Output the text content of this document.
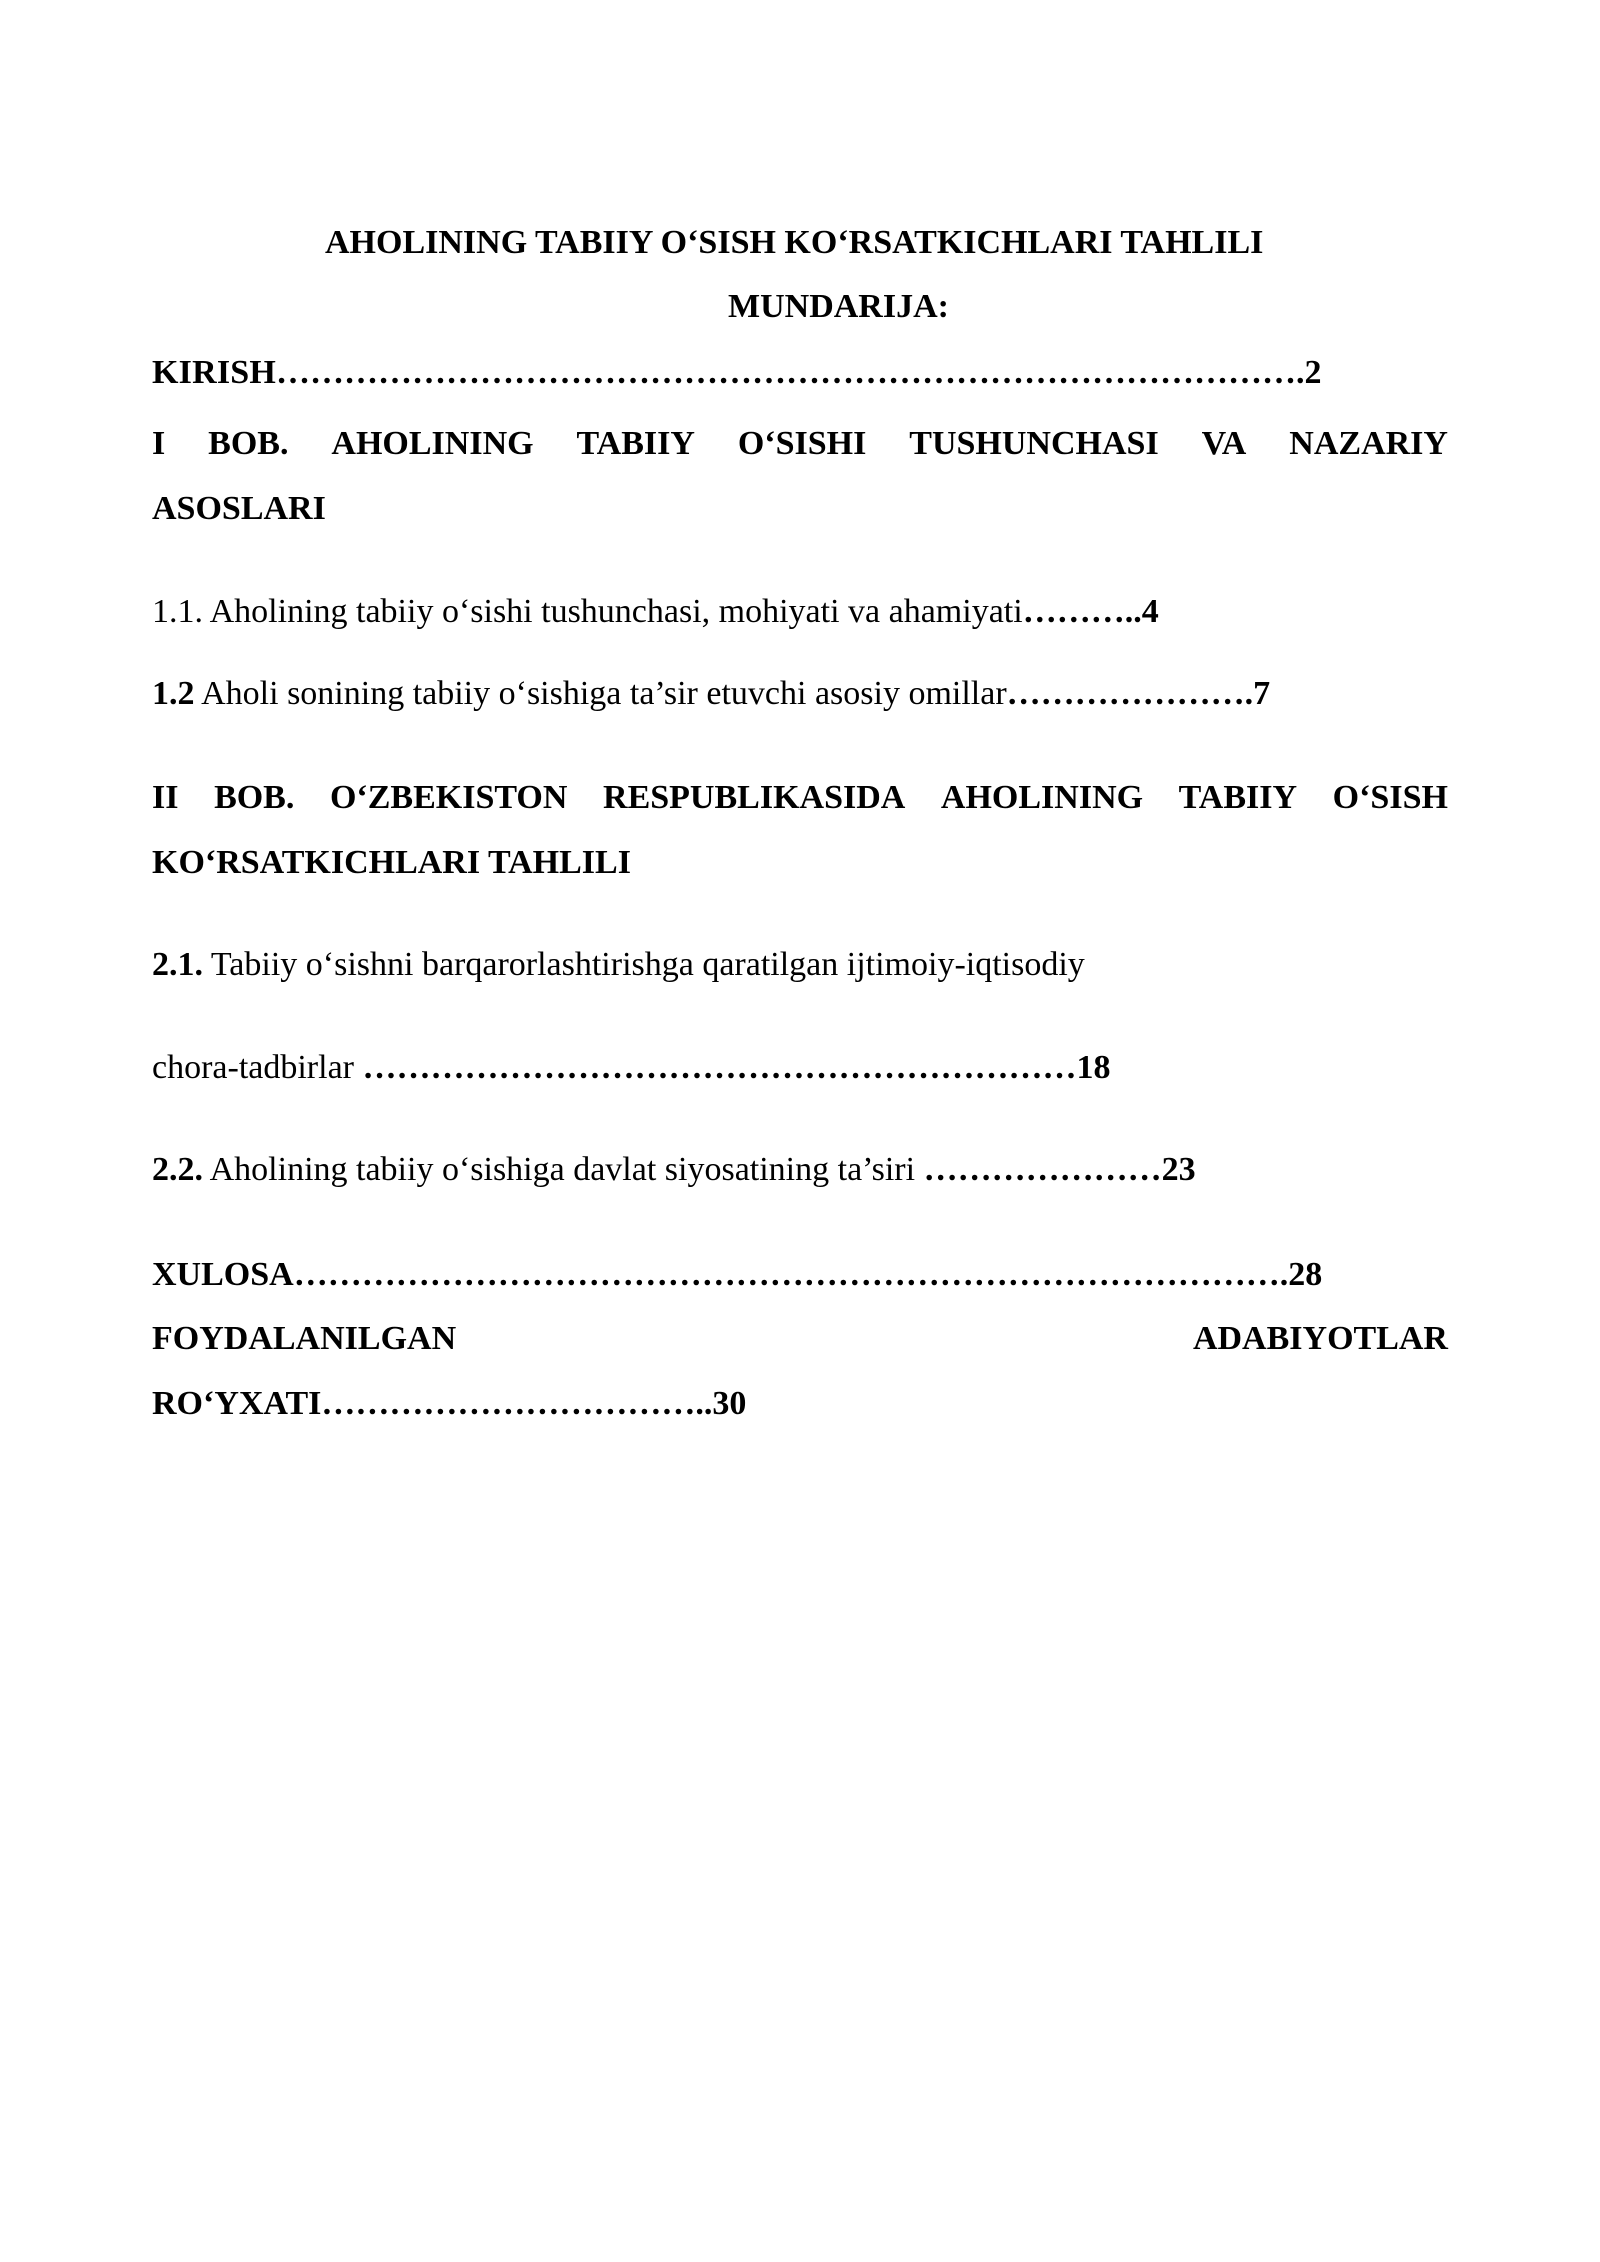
AHOLINING TABIIY O‘SISH KO‘RSATKICHLARI TAHLILI
MUNDARIJA:
KIRISH……………………………………………………………………………….2
I BOB. AHOLINING TABIIY O‘SISHI TUSHUNCHASI VA NAZARIY
ASOSLARI
1.1. Aholining tabiiy o‘sishi tushunchasi, mohiyati va ahamiyati………..4
1.2 Aholi sonining tabiiy o‘sishiga ta’sir etuvchi asosiy omillar………………….7
II BOB. O‘ZBEKISTON RESPUBLIKASIDA AHOLINING TABIIY O‘SISH
KO‘RSATKICHLARI TAHLILI
2.1. Tabiiy o‘sishni barqarorlashtirishga qaratilgan ijtimoiy-iqtisodiy
chora-tadbirlar ………………………………………………………18
2.2. Aholining tabiiy o‘sishiga davlat siyosatining ta’siri …………………23
XULOSA…………………………………………………………………………….28
FOYDALANILGAN	ADABIYOTLAR
RO‘YXATI……………………………..30
